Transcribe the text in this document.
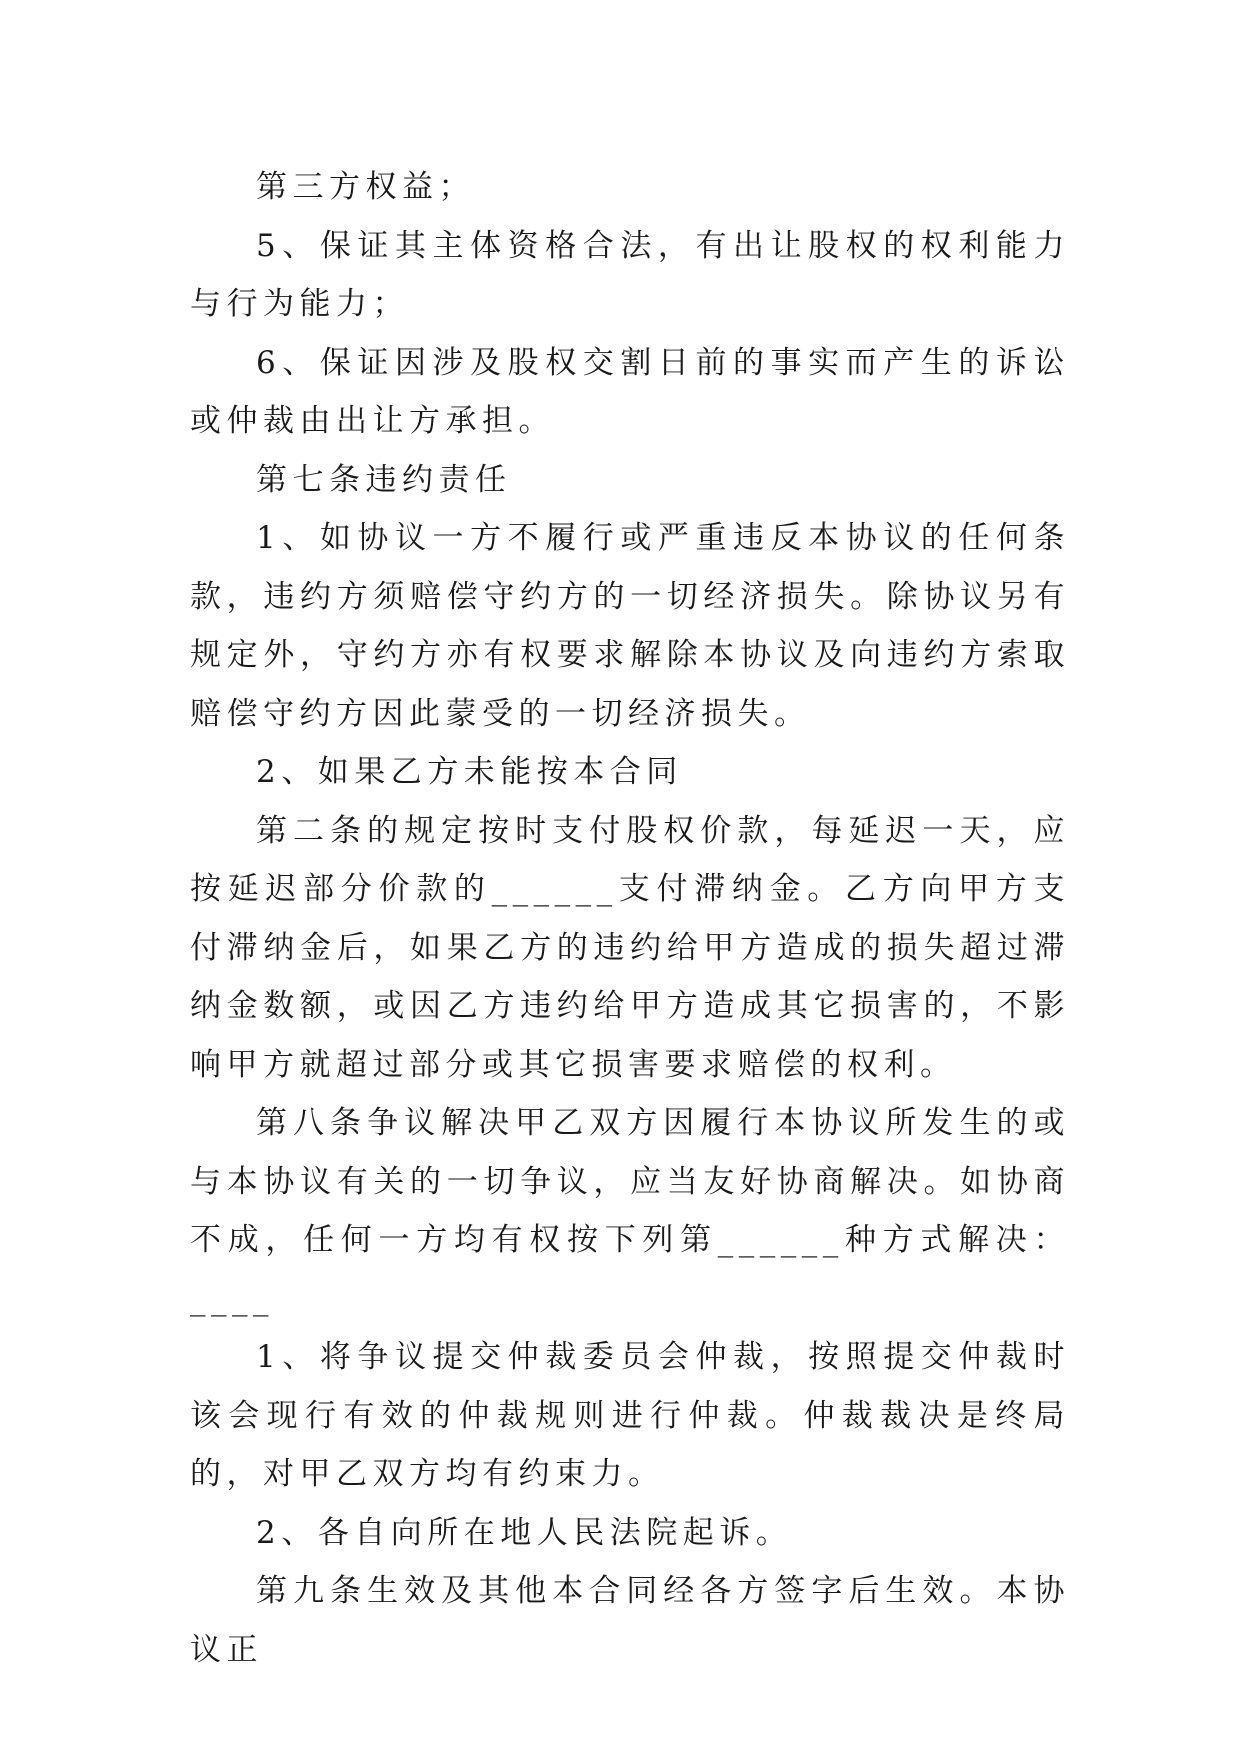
第三方权益；

5、保证其主体资格合法，有出让股权的权利能力与行为能力；

6、保证因涉及股权交割日前的事实而产生的诉讼或仲裁由出让方承担。

第七条违约责任

1、如协议一方不履行或严重违反本协议的任何条款，违约方须赔偿守约方的一切经济损失。除协议另有规定外，守约方亦有权要求解除本协议及向违约方索取赔偿守约方因此蒙受的一切经济损失。

2、如果乙方未能按本合同

第二条的规定按时支付股权价款，每延迟一天，应按延迟部分价款的______支付滞纳金。乙方向甲方支付滞纳金后，如果乙方的违约给甲方造成的损失超过滞纳金数额，或因乙方违约给甲方造成其它损害的，不影响甲方就超过部分或其它损害要求赔偿的权利。

第八条争议解决甲乙双方因履行本协议所发生的或与本协议有关的一切争议，应当友好协商解决。如协商不成，任何一方均有权按下列第______种方式解决：____

1、将争议提交仲裁委员会仲裁，按照提交仲裁时该会现行有效的仲裁规则进行仲裁。仲裁裁决是终局的，对甲乙双方均有约束力。

2、各自向所在地人民法院起诉。

第九条生效及其他本合同经各方签字后生效。本协议正
